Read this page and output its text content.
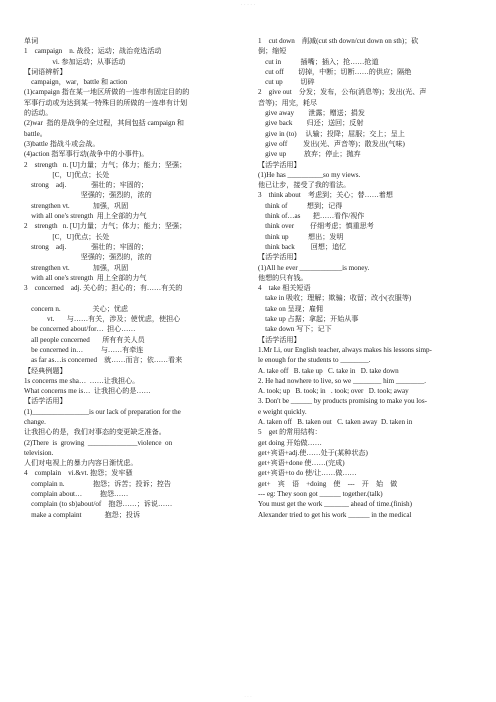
· · · · ·
单词
1    campaign    n. 战役；运动；战治竞选活动
vi. 参加运动；从事活动
【词语辨析】
campaign，war，battle 和 action
(1)campaign 指在某一地区所做的一连串有固定目的的
军事行动或为达到某一特殊目的所做的一连串有计划
的活动。
(2)war  指的是战争的全过程，其间包括 campaign 和
battle。
(3)battle 指战斗或会战。
(4)action 指军事行动(战争中的小事件)。
2    strength   n. [U]力量；力气；体力；能力；坚强；
[C，U]优点；长处
strong    adj.              强壮的；牢固的；
坚强的；强烈的，浓的
strengthen vt.             加强，巩固
with all one's strength  用上全部的力气
2    strength   n. [U]力量；力气；体力；能力；坚强；
[C，U]优点；长处
strong    adj.              强壮的；牢固的；
坚强的；强烈的，浓的
strengthen vt.             加强，巩固
with all one's strength  用上全部的力气
3    concerned    adj. 关心的；担心的；有……有关的
concern n.                  关心；忧虑
vt.       与……有关，涉及；使忧虑，使担心
be concerned about/for…  担心……
all people concerned       所有有关人员
be concerned in…          与……有牵连
as far as…is concerned    就……而言；依……看来
【经典例题】
1s concerns me sha…  ……让我担心。
What concerns me is…  让我担心的是……
【活学活用】
(1)________________is our lack of preparation for the
change.
让我担心的是，我们对事态的变更缺乏准备。
(2)There  is  growing  ______________violence  on
television.
人们对电视上的暴力内容日渐忧虑。
4    complain    vi.&vt. 抱怨；发牢骚
complain n.                抱怨；诉苦；投诉；控告
complain about…          抱怨……
complain (to sb)about/of    抱怨……；诉说……
make a complaint             抱怨；投诉
1    cut down    削减(cut sth down/cut down on sth)；砍
倒；缩短
cut in           插嘴；插入；抢……抢道
cut off        切掉，中断；切断……的供应；隔绝
cut up          切碎
2    give out    分发；发布，公布(消息等)；发出(光、声
音等)；用完，耗尽
give away        泄露；赠送；捐发
give back        归还；送回；反射
give in (to)     认输；投降；屈服；交上；呈上
give off         发出(光、声音等)；散发出(气味)
give up          放弃；停止；抛弃
【活学活用】
(1)He has __________so my views.
他已让步，接受了我的看法。
3    think about    考虑到；关心；替……着想
think of           想到；记得
think of…as       把……看作/视作
think over         仔细考虑；慎重思考
think up           想出；发明
think back         回想；追忆
【活学活用】
(1)All he ever ____________is money.
他想的只有钱。
4    take 相关短语
take in 吸收；理解；欺骗；收留；改小(衣服等)
take on 呈现；雇佣
take up 占据；拿起；开始从事
take down 写下；记下
【活学活用】
1.Mr Li, our English teacher, always makes his lessons simp-
le enough for the students to ________.
A. take off   B. take up   C. take in   D. take down
2. He had nowhere to live, so we ________ him ________.
A. took; up   B. took; in   . took; over   D. took; away
3. Don't be ______ by products promising to make you los-
e weight quickly.
A. taken off   B. taken out   C. taken away  D. taken in
5    get 的常用结构：
get doing 开始做……
get+宾语+adj.使……处于(某种状态)
get+宾语+done 使……(完成)
get+宾语+to do 使/让……做……
get+    宾    语    +doing    使    ---    开    始    做
--- eg: They soon got ______ together.(talk)
You must get the work _______ ahead of time.(finish)
Alexander tried to get his work ______ in the medical
· · ·
